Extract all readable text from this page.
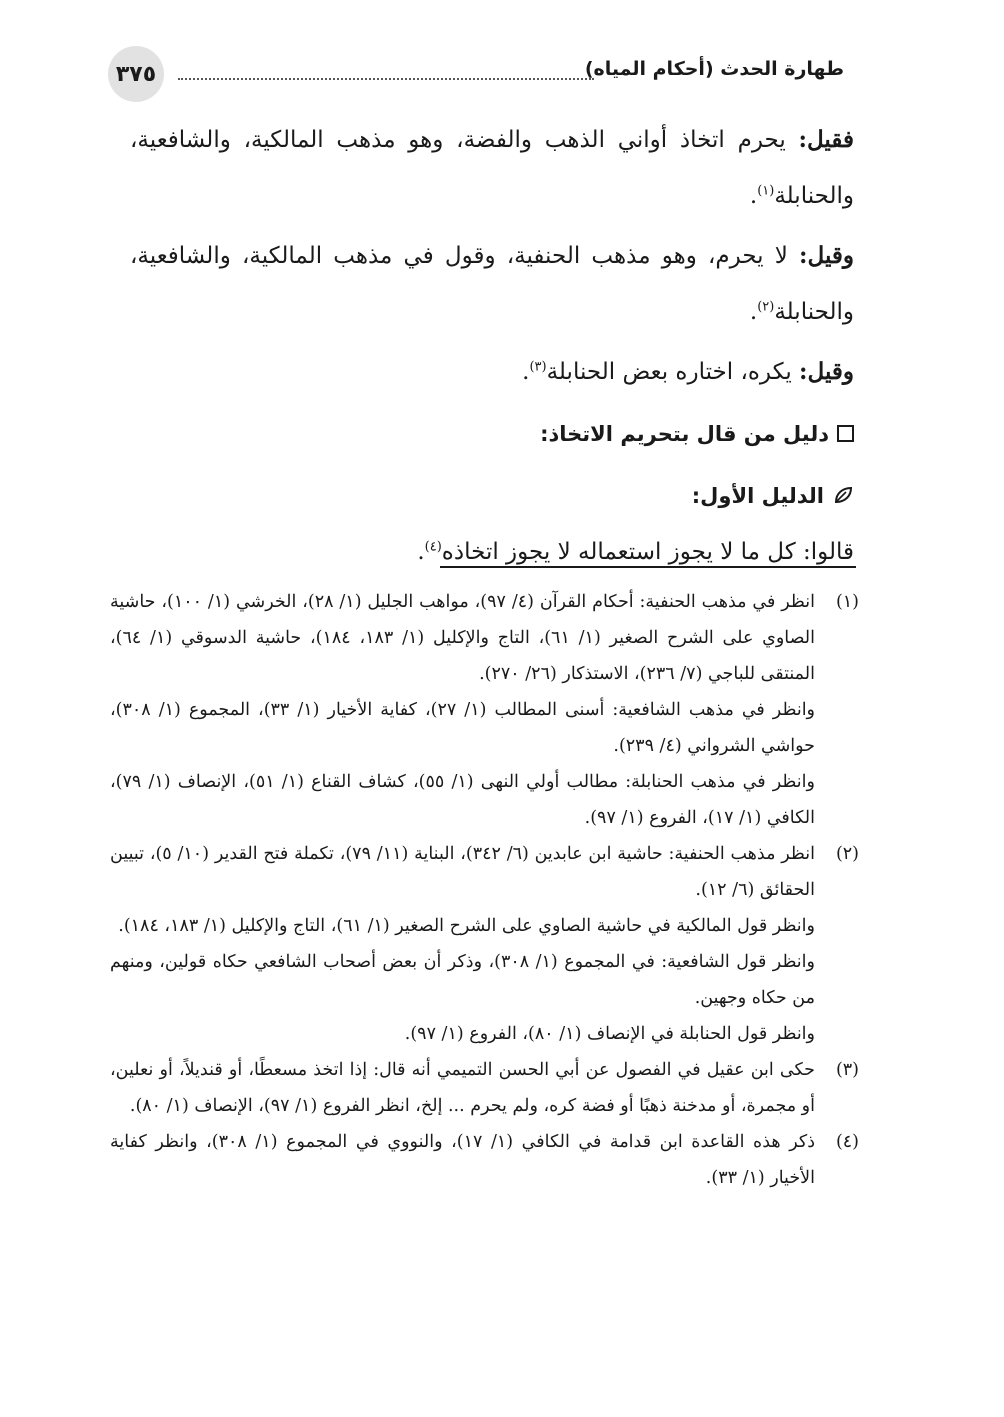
طهارة الحدث (أحكام المياه)
٣٧٥

فقيل: يحرم اتخاذ أواني الذهب والفضة، وهو مذهب المالكية، والشافعية، والحنابلة$^{(١)}$.

وقيل: لا يحرم، وهو مذهب الحنفية، وقول في مذهب المالكية، والشافعية، والحنابلة$^{(٢)}$.

وقيل: يكره، اختاره بعض الحنابلة$^{(٣)}$.

دليل من قال بتحريم الاتخاذ:
الدليل الأول:

قالوا: كل ما لا يجوز استعماله لا يجوز اتخاذه$^{(٤)}$.

(١)

انظر في مذهب الحنفية: أحكام القرآن (٤/ ٩٧)، مواهب الجليل (١/ ٢٨)، الخرشي (١/ ١٠٠)، حاشية الصاوي على الشرح الصغير (١/ ٦١)، التاج والإكليل (١/ ١٨٣، ١٨٤)، حاشية الدسوقي (١/ ٦٤)، المنتقى للباجي (٧/ ٢٣٦)، الاستذكار (٢٦/ ٢٧٠).

وانظر في مذهب الشافعية: أسنى المطالب (١/ ٢٧)، كفاية الأخيار (١/ ٣٣)، المجموع (١/ ٣٠٨)، حواشي الشرواني (٤/ ٢٣٩).

وانظر في مذهب الحنابلة: مطالب أولي النهى (١/ ٥٥)، كشاف القناع (١/ ٥١)، الإنصاف (١/ ٧٩)، الكافي (١/ ١٧)، الفروع (١/ ٩٧).

(٢)

انظر مذهب الحنفية: حاشية ابن عابدين (٦/ ٣٤٢)، البناية (١١/ ٧٩)، تكملة فتح القدير (١٠/ ٥)، تبيين الحقائق (٦/ ١٢).

وانظر قول المالكية في حاشية الصاوي على الشرح الصغير (١/ ٦١)، التاج والإكليل (١/ ١٨٣، ١٨٤).

وانظر قول الشافعية: في المجموع (١/ ٣٠٨)، وذكر أن بعض أصحاب الشافعي حكاه قولين، ومنهم من حكاه وجهين.

وانظر قول الحنابلة في الإنصاف (١/ ٨٠)، الفروع (١/ ٩٧).

(٣)

حكى ابن عقيل في الفصول عن أبي الحسن التميمي أنه قال: إذا اتخذ مسعطًا، أو قنديلاً، أو نعلين، أو مجمرة، أو مدخنة ذهبًا أو فضة كره، ولم يحرم ... إلخ، انظر الفروع (١/ ٩٧)، الإنصاف (١/ ٨٠).

(٤)

ذكر هذه القاعدة ابن قدامة في الكافي (١/ ١٧)، والنووي في المجموع (١/ ٣٠٨)، وانظر كفاية الأخيار (١/ ٣٣).
